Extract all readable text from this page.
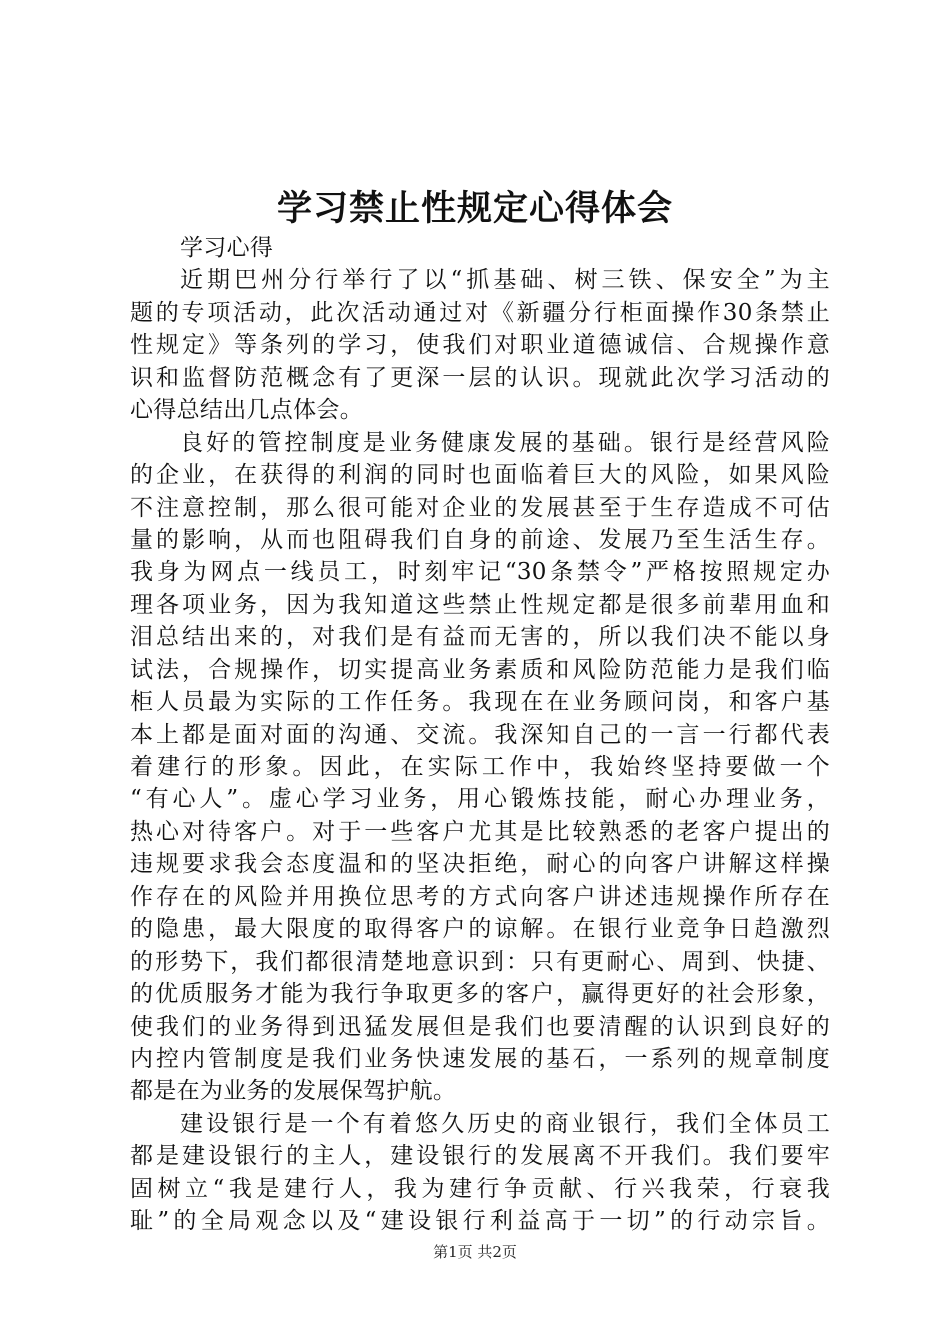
学习禁止性规定心得体会
学习心得
近期巴州分行举行了以“抓基础、树三铁、保安全”为主
题的专项活动，此次活动通过对《新疆分行柜面操作30条禁止
性规定》等条列的学习，使我们对职业道德诚信、合规操作意
识和监督防范概念有了更深一层的认识。现就此次学习活动的
心得总结出几点体会。
良好的管控制度是业务健康发展的基础。银行是经营风险
的企业，在获得的利润的同时也面临着巨大的风险，如果风险
不注意控制，那么很可能对企业的发展甚至于生存造成不可估
量的影响，从而也阻碍我们自身的前途、发展乃至生活生存。
我身为网点一线员工，时刻牢记“30条禁令”严格按照规定办
理各项业务，因为我知道这些禁止性规定都是很多前辈用血和
泪总结出来的，对我们是有益而无害的，所以我们决不能以身
试法，合规操作，切实提高业务素质和风险防范能力是我们临
柜人员最为实际的工作任务。我现在在业务顾问岗，和客户基
本上都是面对面的沟通、交流。我深知自己的一言一行都代表
着建行的形象。因此，在实际工作中，我始终坚持要做一个
“有心人”。虚心学习业务，用心锻炼技能，耐心办理业务，
热心对待客户。对于一些客户尤其是比较熟悉的老客户提出的
违规要求我会态度温和的坚决拒绝，耐心的向客户讲解这样操
作存在的风险并用换位思考的方式向客户讲述违规操作所存在
的隐患，最大限度的取得客户的谅解。在银行业竞争日趋激烈
的形势下，我们都很清楚地意识到：只有更耐心、周到、快捷、
的优质服务才能为我行争取更多的客户，赢得更好的社会形象，
使我们的业务得到迅猛发展但是我们也要清醒的认识到良好的
内控内管制度是我们业务快速发展的基石，一系列的规章制度
都是在为业务的发展保驾护航。
建设银行是一个有着悠久历史的商业银行，我们全体员工
都是建设银行的主人，建设银行的发展离不开我们。我们要牢
固树立“我是建行人，我为建行争贡献、行兴我荣，行衰我
耻”的全局观念以及“建设银行利益高于一切”的行动宗旨。
第1页 共2页
